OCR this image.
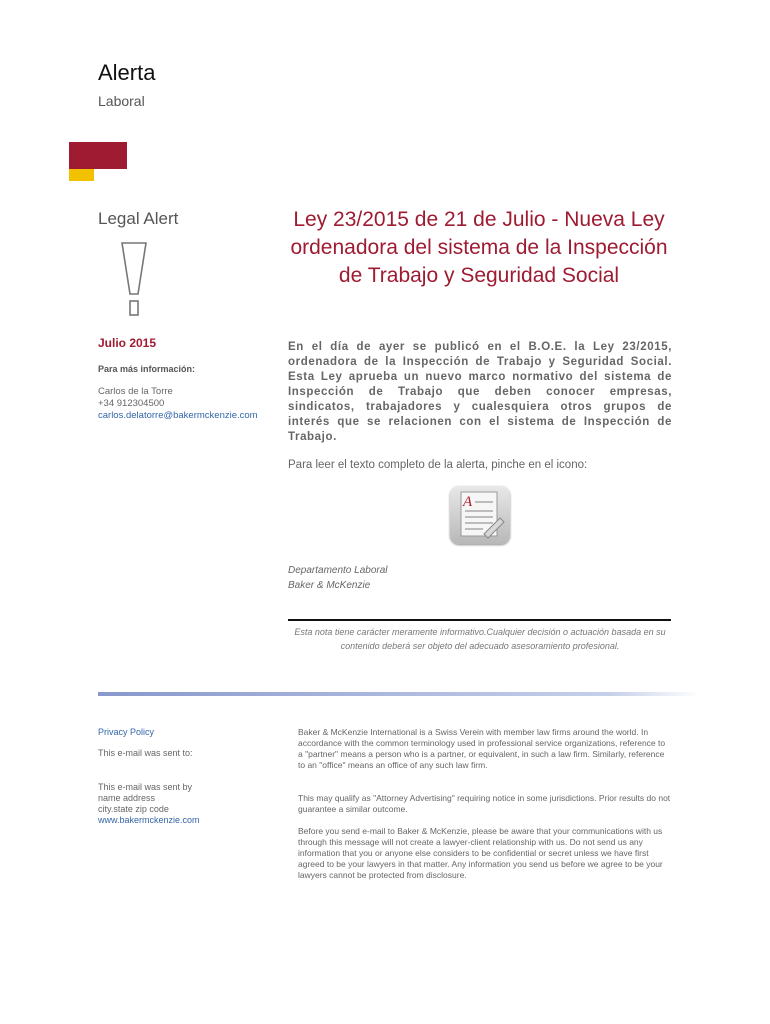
Alerta
Laboral
Legal Alert	Ley 23/2015 de 21 de Julio - Nueva Ley ordenadora del sistema de la Inspección de Trabajo y Seguridad Social
Julio 2015
Para más información:
Carlos de la Torre
+34 912304500
carlos.delatorre@bakermckenzie.com

En el día de ayer se publicó en el B.O.E. la Ley 23/2015, ordenadora de la Inspección de Trabajo y Seguridad Social. Esta Ley aprueba un nuevo marco normativo del sistema de Inspección de Trabajo que deben conocer empresas, sindicatos, trabajadores y cualesquiera otros grupos de interés que se relacionen con el sistema de Inspección de Trabajo.

Para leer el texto completo de la alerta, pinche en el icono:
A
Departamento Laboral
Baker & McKenzie
Esta nota tiene carácter meramente informativo.Cualquier decisión o actuación basada en su contenido deberá ser objeto del adecuado asesoramiento profesional.
Privacy Policy
This e-mail was sent to:
This e-mail was sent by
name address
city.state zip code
www.bakermckenzie.com

Baker & McKenzie International is a Swiss Verein with member law firms around the world. In accordance with the common terminology used in professional service organizations, reference to a "partner" means a person who is a partner, or equivalent, in such a law firm. Similarly, reference to an "office" means an office of any such law firm.

This may qualify as "Attorney Advertising" requiring notice in some jurisdictions. Prior results do not guarantee a similar outcome.

Before you send e-mail to Baker & McKenzie, please be aware that your communications with us through this message will not create a lawyer-client relationship with us. Do not send us any information that you or anyone else considers to be confidential or secret unless we have first agreed to be your lawyers in that matter. Any information you send us before we agree to be your lawyers cannot be protected from disclosure.
